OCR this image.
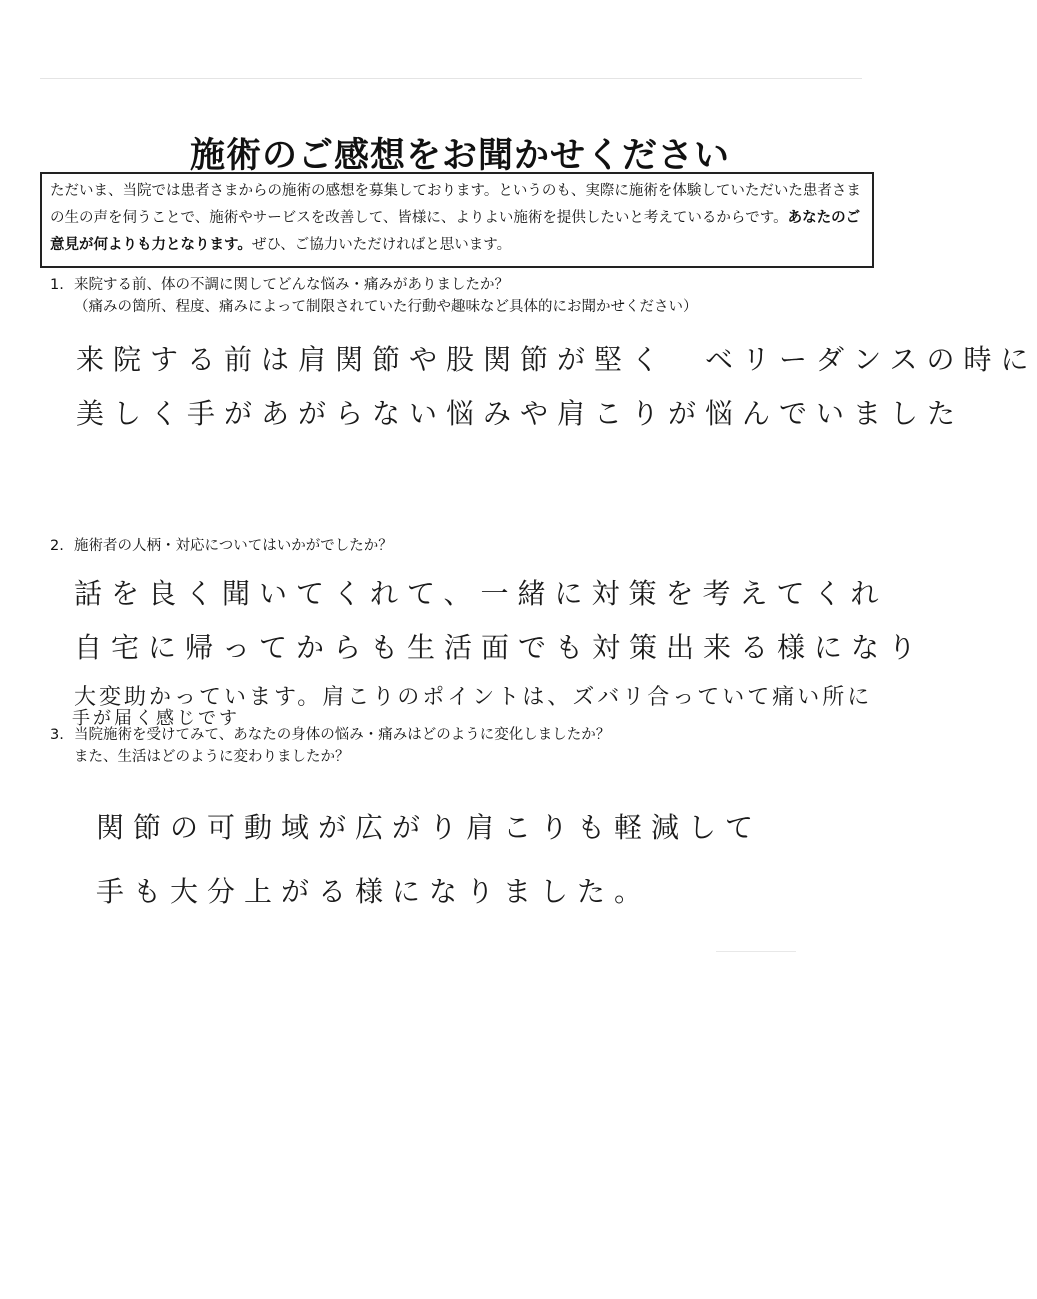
施術のご感想をお聞かせください
ただいま、当院では患者さまからの施術の感想を募集しております。というのも、実際に施術を体験していただいた患者さまの生の声を伺うことで、施術やサービスを改善して、皆様に、よりよい施術を提供したいと考えているからです。あなたのご意見が何よりも力となります。ぜひ、ご協力いただければと思います。
1. 来院する前、体の不調に関してどんな悩み・痛みがありましたか？
（痛みの箇所、程度、痛みによって制限されていた行動や趣味など具体的にお聞かせください）
来院する前は肩関節や股関節が堅く　ベリーダンスの時に
美しく手があがらない悩みや肩こりが悩んでいました
2. 施術者の人柄・対応についてはいかがでしたか？
話を良く聞いてくれて、一緒に対策を考えてくれ
自宅に帰ってからも生活面でも対策出来る様になり
大変助かっています。肩こりのポイントは、ズバリ合っていて痛い所に
手が届く感じです
3. 当院施術を受けてみて、あなたの身体の悩み・痛みはどのように変化しましたか？
また、生活はどのように変わりましたか？
関節の可動域が広がり肩こりも軽減して
手も大分上がる様になりました。
